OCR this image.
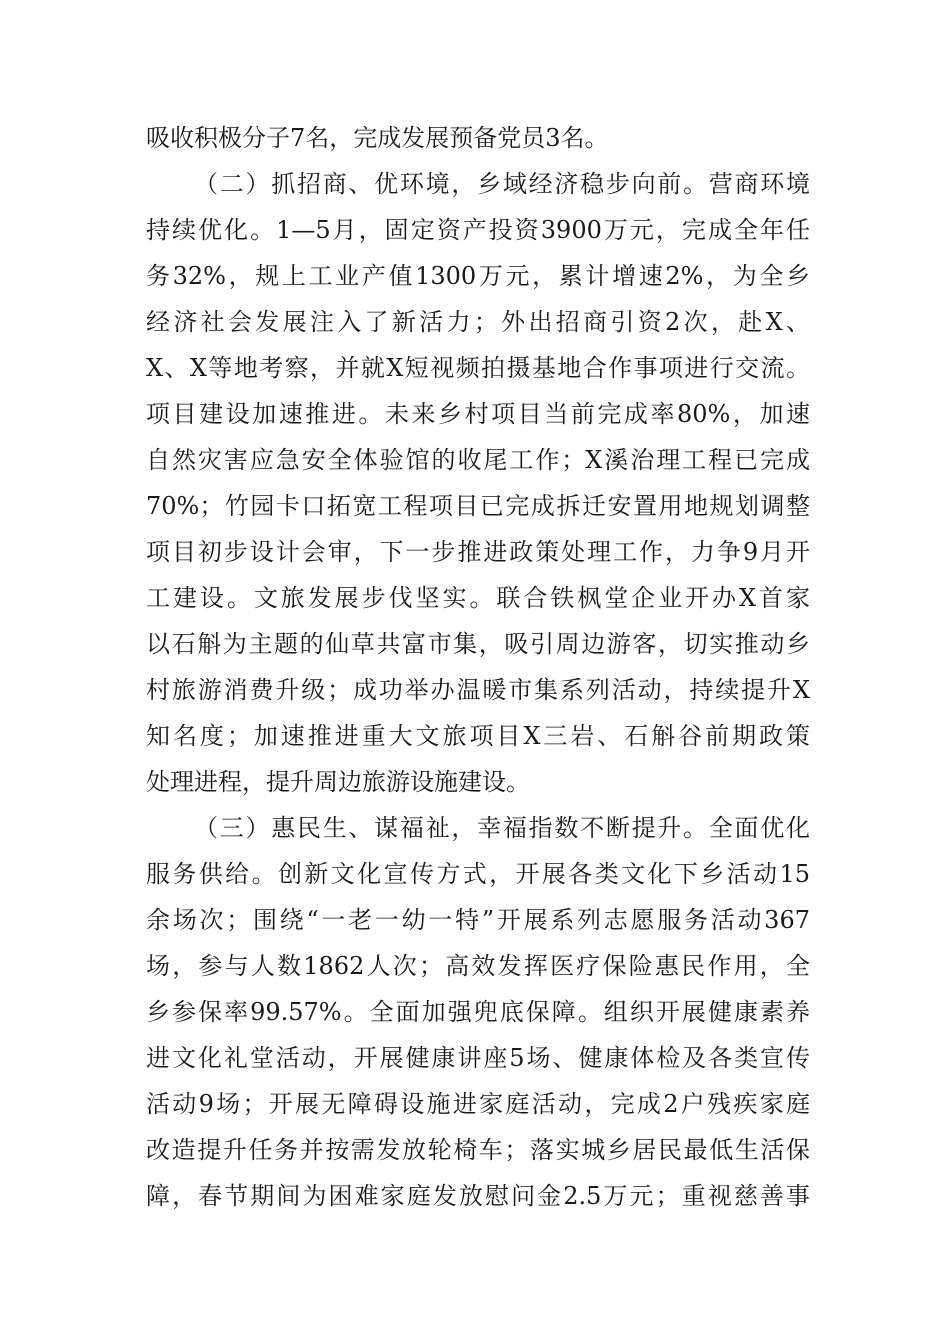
吸收积极分子7名，完成发展预备党员3名。
（二）抓招商、优环境，乡域经济稳步向前。营商环境
持续优化。1—5月，固定资产投资3900万元，完成全年任
务32%，规上工业产值1300万元，累计增速2%，为全乡
经济社会发展注入了新活力；外出招商引资2次，赴X、
X、X等地考察，并就X短视频拍摄基地合作事项进行交流。
项目建设加速推进。未来乡村项目当前完成率80%，加速
自然灾害应急安全体验馆的收尾工作；X溪治理工程已完成
70%；竹园卡口拓宽工程项目已完成拆迁安置用地规划调整
项目初步设计会审，下一步推进政策处理工作，力争9月开
工建设。文旅发展步伐坚实。联合铁枫堂企业开办X首家
以石斛为主题的仙草共富市集，吸引周边游客，切实推动乡
村旅游消费升级；成功举办温暖市集系列活动，持续提升X
知名度；加速推进重大文旅项目X三岩、石斛谷前期政策
处理进程，提升周边旅游设施建设。
（三）惠民生、谋福祉，幸福指数不断提升。全面优化
服务供给。创新文化宣传方式，开展各类文化下乡活动15
余场次；围绕“一老一幼一特”开展系列志愿服务活动367
场，参与人数1862人次；高效发挥医疗保险惠民作用，全
乡参保率99.57%。全面加强兜底保障。组织开展健康素养
进文化礼堂活动，开展健康讲座5场、健康体检及各类宣传
活动9场；开展无障碍设施进家庭活动，完成2户残疾家庭
改造提升任务并按需发放轮椅车；落实城乡居民最低生活保
障，春节期间为困难家庭发放慰问金2.5万元；重视慈善事
